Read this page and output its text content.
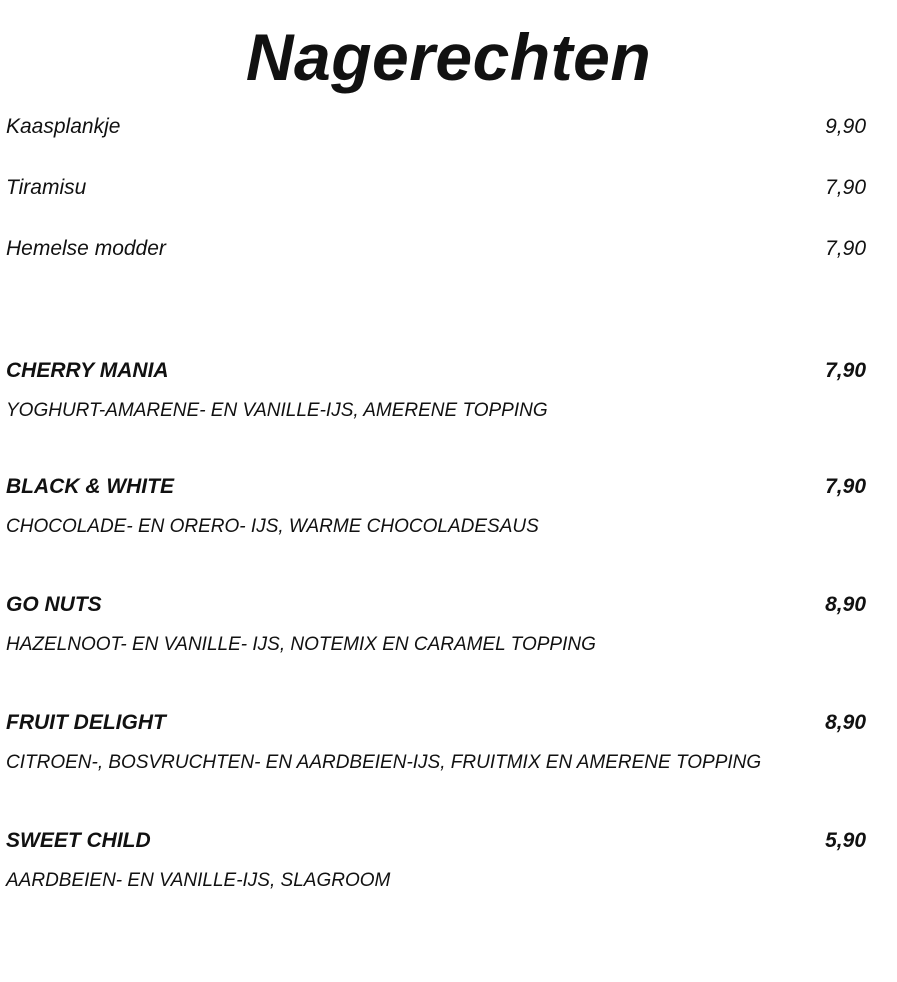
Nagerechten
Kaasplankje	9,90
Tiramisu	7,90
Hemelse modder	7,90
CHERRY MANIA	7,90
YOGHURT-AMARENE- EN VANILLE-IJS, AMERENE TOPPING
BLACK & WHITE	7,90
CHOCOLADE- EN ORERO- IJS, WARME CHOCOLADESAUS
GO NUTS	8,90
HAZELNOOT- EN VANILLE- IJS, NOTEMIX EN CARAMEL TOPPING
FRUIT DELIGHT	8,90
CITROEN-, BOSVRUCHTEN- EN AARDBEIEN-IJS, FRUITMIX EN AMERENE TOPPING
SWEET CHILD	5,90
AARDBEIEN- EN VANILLE-IJS, SLAGROOM
